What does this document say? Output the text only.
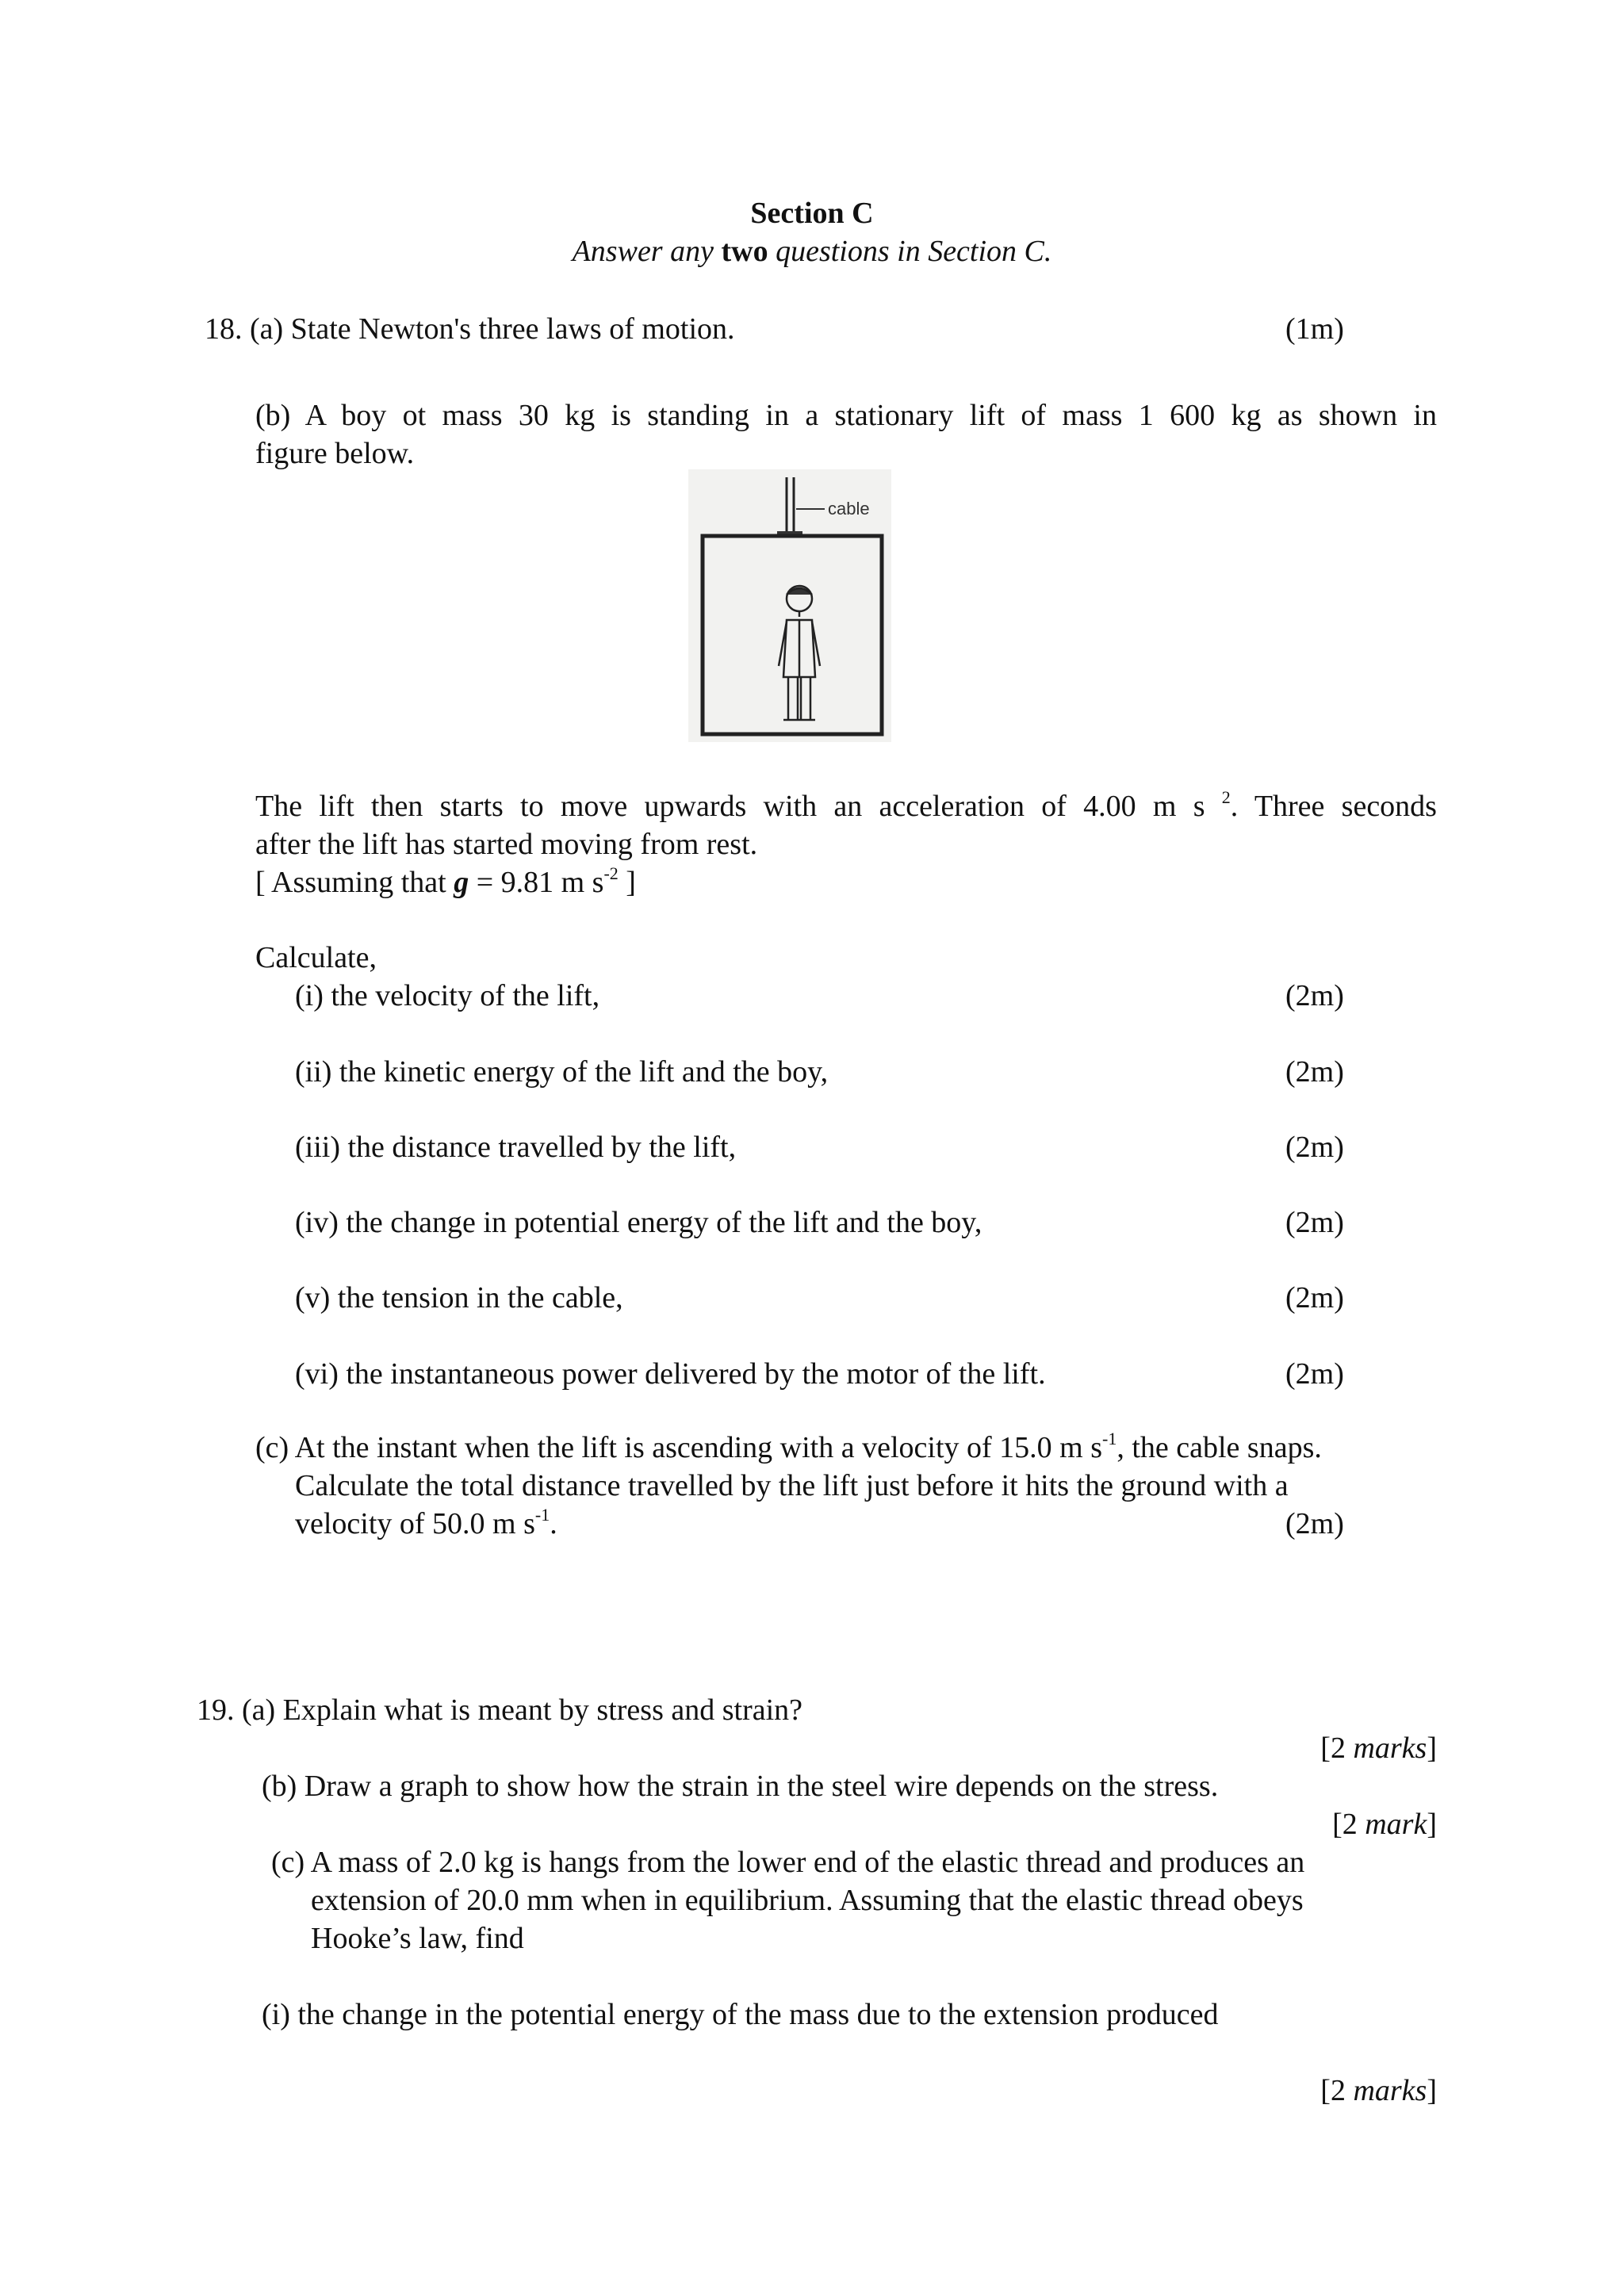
Section C
Answer any two questions in Section C.
18. (a) State Newton's three laws of motion.	(1m)
(b) A boy ot mass 30 kg is standing in a stationary lift of mass 1 600 kg as shown in
figure below.
cable
The lift then starts to move upwards with an acceleration of 4.00 m s $^2$. Three seconds
after the lift has started moving from rest.
[ Assuming that g = 9.81 m $s^{-2}$ ]
Calculate,
(i) the velocity of the lift,	(2m)
(ii) the kinetic energy of the lift and the boy,	(2m)
(iii) the distance travelled by the lift,	(2m)
(iv) the change in potential energy of the lift and the boy,	(2m)
(v) the tension in the cable,	(2m)
(vi) the instantaneous power delivered by the motor of the lift.	(2m)
(c) At the instant when the lift is ascending with a velocity of 15.0 m $s^{-1}$, the cable snaps.
Calculate the total distance travelled by the lift just before it hits the ground with a
velocity of 50.0 m $s^{-1}$.	(2m)
19. (a) Explain what is meant by stress and strain?
[2 marks]
(b) Draw a graph to show how the strain in the steel wire depends on the stress.
[2 mark]
(c) A mass of 2.0 kg is hangs from the lower end of the elastic thread and produces an
extension of 20.0 mm when in equilibrium. Assuming that the elastic thread obeys
Hooke’s law, find
(i) the change in the potential energy of the mass due to the extension produced
[2 marks]
